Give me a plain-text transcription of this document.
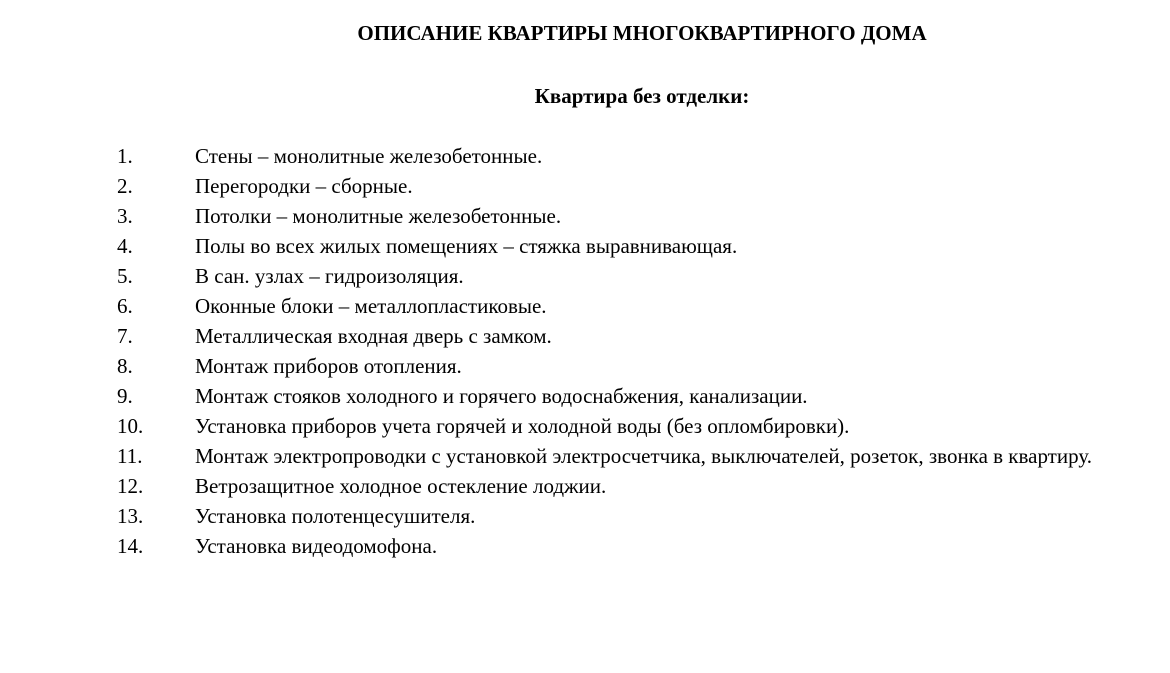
ОПИСАНИЕ КВАРТИРЫ МНОГОКВАРТИРНОГО ДОМА
Квартира без отделки:
1.	Стены – монолитные железобетонные.
2.	Перегородки – сборные.
3.	Потолки – монолитные железобетонные.
4.	Полы во всех жилых помещениях – стяжка выравнивающая.
5.	В сан. узлах – гидроизоляция.
6.	Оконные блоки – металлопластиковые.
7.	Металлическая входная дверь с замком.
8.	Монтаж приборов отопления.
9.	Монтаж стояков холодного и горячего водоснабжения, канализации.
10. Установка приборов учета горячей и холодной воды (без опломбировки).
11.	Монтаж электропроводки с установкой электросчетчика, выключателей, розеток, звонка в квартиру.
12. Ветрозащитное холодное остекление лоджии.
13. Установка полотенцесушителя.
14. Установка видеодомофона.
